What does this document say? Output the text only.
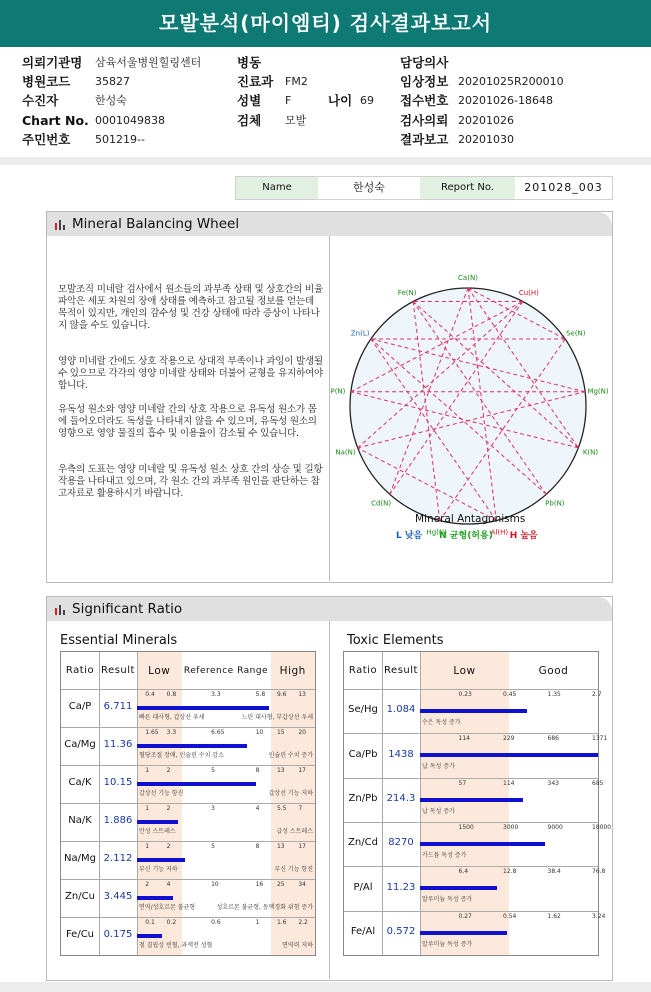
모발분석(마이엠티) 검사결과보고서
의뢰기관명 삼육서울병원힐링센터	병동	담당의사
병원코드 35827	진료과 FM2	임상정보 20201025R200010
수진자	한성숙	성별 F	나이 69 접수번호 20201026-18648
Chart No. 0001049838	검체 모발	검사의뢰 20201026
주민번호 501219--	결과보고 20201030
Name	한성숙	Report No.	201028_003
Mineral Balancing Wheel
모발조직 미네랄 검사에서 원소들의 과부족 상태 및 상호간의 비율 파악은 세포 차원의 장애 상태를 예측하고 참고될 정보를 얻는데 목적이 있지만, 개인의 감수성 및 건강 상태에 따라 증상이 나타나지 않을 수도 있습니다.
영양 미네랄 간에도 상호 작용으로 상대적 부족이나 과잉이 발생될 수 있으므로 각각의 영양 미네랄 상태와 더불어 균형을 유지하여야 합니다.
유독성 원소와 영양 미네랄 간의 상호 작용으로 유독성 원소가 몸에 들어오더라도 독성을 나타내지 않을 수 있으며, 유독성 원소의 영향으로 영양 물질의 흡수 및 이용율이 감소될 수 있습니다.
우측의 도표는 영양 미네랄 및 유독성 원소 상호 간의 상승 및 길항 작용을 나타내고 있으며, 각 원소 간의 과부족 원인을 판단하는 참고자료로 활용하시기 바랍니다.
Ca(N)
Cu(H)
Se(N)
Mg(N)
K(N)
Pb(N)
Al(H)
Hg(N)
Cd(N)
Na(N)
P(N)
Zn(L)
Fe(N)
Mineral Antagonisms
L 낮음 N 균형(허용) H 높음
Significant Ratio
Essential Minerals	Toxic Elements
Ratio Result	Low	Reference Range	High
Ca/P	6.711
0.4 0.8	3.3	5.8 9.6 13
빠른 대사형, 갑상선 우세	느린 대사형, 부갑상선 우세
Ca/Mg 11.36
1.65 3.3	6.65	10 15 20
혈당조절 장애, 인슐린 수치 감소	인슐린 수치 증가
Ca/K	10.15
1	2	5	8	13 17
갑상선 기능 항진	갑상선 기능 저하
Na/K	1.886
1	2	3	4	5.5 7
만성 스트레스	급성 스트레스
Na/Mg 2.112
1	2	5	8	13 17
부신 기능 저하	부신 기능 항진
Zn/Cu 3.445
2	4	10	16 25 34
면역/성호르몬 불균형	성호르몬 불균형, 동맥경화 위험 증가
Fe/Cu 0.175
0.1 0.2	0.6	1	1.6 2.2
철 결핍성 빈혈, 과색전 성혈	면역력 저하
Ratio Result	Low	Good
Se/Hg 1.084
0.23	0.45	1.35	2.7
수은 독성 증가
Ca/Pb	1438
114	229	686	1371
납 독성 증가
Zn/Pb 214.3
57	114	343	685
납 독성 증가
Zn/Cd	8270
1500	3000	9000	18000
카드뮴 독성 증가
P/Al	11.23
6.4	12.8	38.4	76.8
알루미늄 독성 증가
Fe/Al	0.572
0.27	0.54	1.62	3.24
알루미늄 독성 증가
